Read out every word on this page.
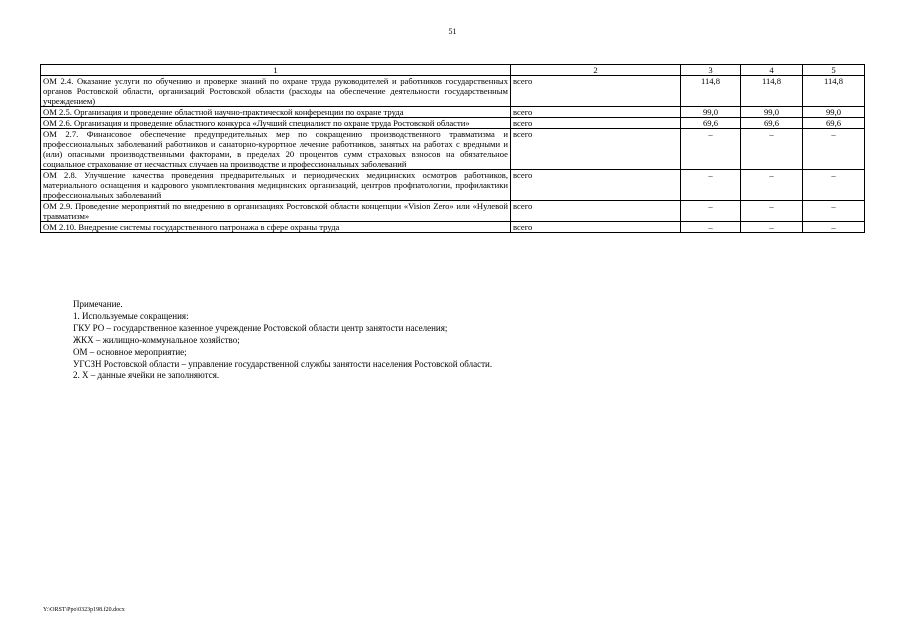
51
1	2	3	4	5
ОМ 2.4. Оказание услуги по обучению и проверке знаний по охране труда руководителей и работников государственных органов Ростовской области, организаций Ростовской области (расходы на обеспечение деятельности государственным учреждением)	всего	114,8	114,8	114,8
ОМ 2.5. Организация и проведение областной научно-практической конференции по охране труда	всего	99,0	99,0	99,0
ОМ 2.6. Организация и проведение областного конкурса «Лучший специалист по охране труда Ростовской области»	всего	69,6	69,6	69,6
ОМ 2.7. Финансовое обеспечение предупредительных мер по сокращению производственного травматизма и профессиональных заболеваний работников и санаторно-курортное лечение работников, занятых на работах с вредными и (или) опасными производственными факторами, в пределах 20 процентов сумм страховых взносов на обязательное социальное страхование от несчастных случаев на производстве и профессиональных заболеваний	всего	–	–	–
ОМ 2.8. Улучшение качества проведения предварительных и периодических медицинских осмотров работников, материального оснащения и кадрового укомплектования медицинских организаций, центров профпатологии, профилактики профессиональных заболеваний	всего	–	–	–
ОМ 2.9. Проведение мероприятий по внедрению в организациях Ростовской области концепции «Vision Zero» или «Нулевой травматизм»	всего	–	–	–
ОМ 2.10. Внедрение системы государственного патронажа в сфере охраны труда	всего	–	–	–
Примечание.
1. Используемые сокращения:
ГКУ РО – государственное казенное учреждение Ростовской области центр занятости населения;
ЖКХ – жилищно-коммунальное хозяйство;
ОМ – основное мероприятие;
УГСЗН Ростовской области – управление государственной службы занятости населения Ростовской области.
2. Х – данные ячейки не заполняются.
Y:\ORST\Ppo\0323p198.f20.docx
